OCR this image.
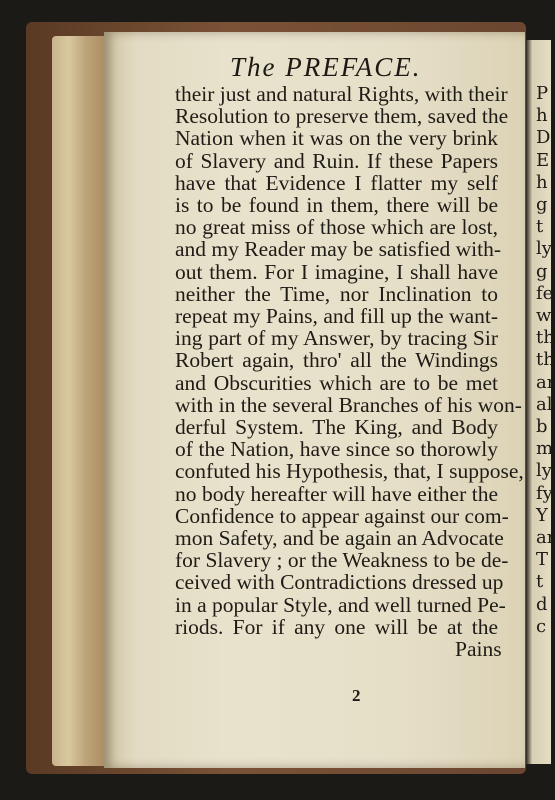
P
h
D
E
h
g
t
ly
g
fe
w
th
th
ar
al
b
m
ly
fy
Y
ar
T
t
d
c
The PREFACE.
their just and natural Rights, with their
Resolution to preserve them, saved the
Nation when it was on the very brink
of Slavery and Ruin. If these Papers
have that Evidence I flatter my self
is to be found in them, there will be
no great miss of those which are lost,
and my Reader may be satisfied with-
out them. For I imagine, I shall have
neither the Time, nor Inclination to
repeat my Pains, and fill up the want-
ing part of my Answer, by tracing Sir
Robert again, thro' all the Windings
and Obscurities which are to be met
with in the several Branches of his won-
derful System. The King, and Body
of the Nation, have since so thorowly
confuted his Hypothesis, that, I suppose,
no body hereafter will have either the
Confidence to appear against our com-
mon Safety, and be again an Advocate
for Slavery ; or the Weakness to be de-
ceived with Contradictions dressed up
in a popular Style, and well turned Pe-
riods. For if any one will be at the
Pains
2
